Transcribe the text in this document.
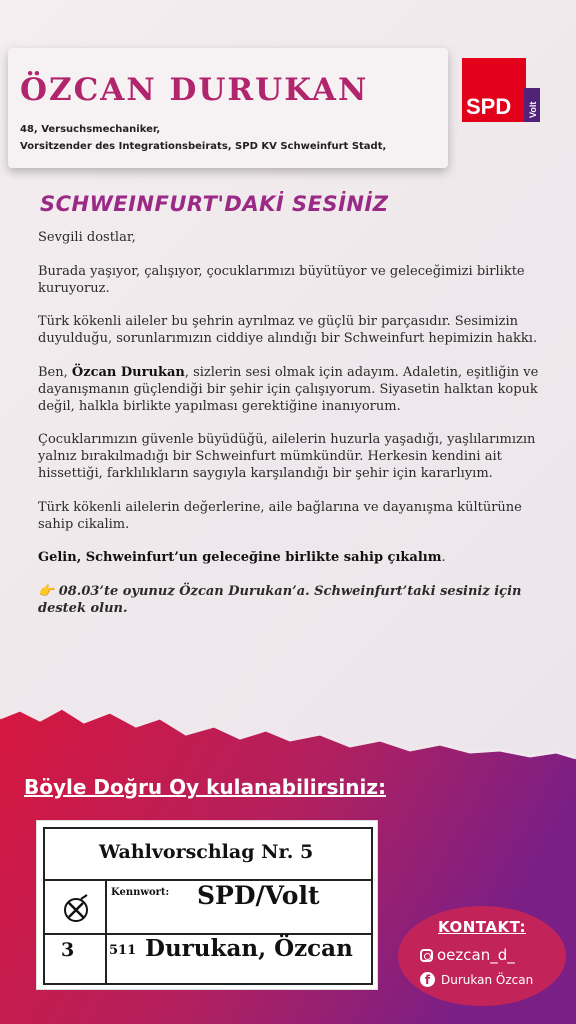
ÖZCAN DURUKAN
48, Versuchsmechaniker,
Vorsitzender des Integrationsbeirats, SPD KV Schweinfurt Stadt,
SPD Volt
SCHWEINFURT'DAKİ SESİNİZ

Sevgili dostlar,

Burada yaşıyor, çalışıyor, çocuklarımızı büyütüyor ve geleceğimizi birlikte kuruyoruz.

Türk kökenli aileler bu şehrin ayrılmaz ve güçlü bir parçasıdır. Sesimizin duyulduğu, sorunlarımızın ciddiye alındığı bir Schweinfurt hepimizin hakkı.

Ben, Özcan Durukan, sizlerin sesi olmak için adayım. Adaletin, eşitliğin ve dayanışmanın güçlendiği bir şehir için çalışıyorum. Siyasetin halktan kopuk değil, halkla birlikte yapılması gerektiğine inanıyorum.

Çocuklarımızın güvenle büyüdüğü, ailelerin huzurla yaşadığı, yaşlılarımızın yalnız bırakılmadığı bir Schweinfurt mümkündür. Herkesin kendini ait hissettiği, farklılıkların saygıyla karşılandığı bir şehir için kararlıyım.

Türk kökenli ailelerin değerlerine, aile bağlarına ve dayanışma kültürüne sahip cikalim.

Gelin, Schweinfurt’un geleceğine birlikte sahip çıkalım.

👉 08.03’te oyunuz Özcan Durukan’a. Schweinfurt’taki sesiniz için destek olun.

Böyle Doğru Oy kulanabilirsiniz:
Wahlvorschlag Nr. 5
Kennwort: SPD/Volt
3	511 Durukan, Özcan
KONTAKT:
oezcan_d_
f Durukan Özcan
